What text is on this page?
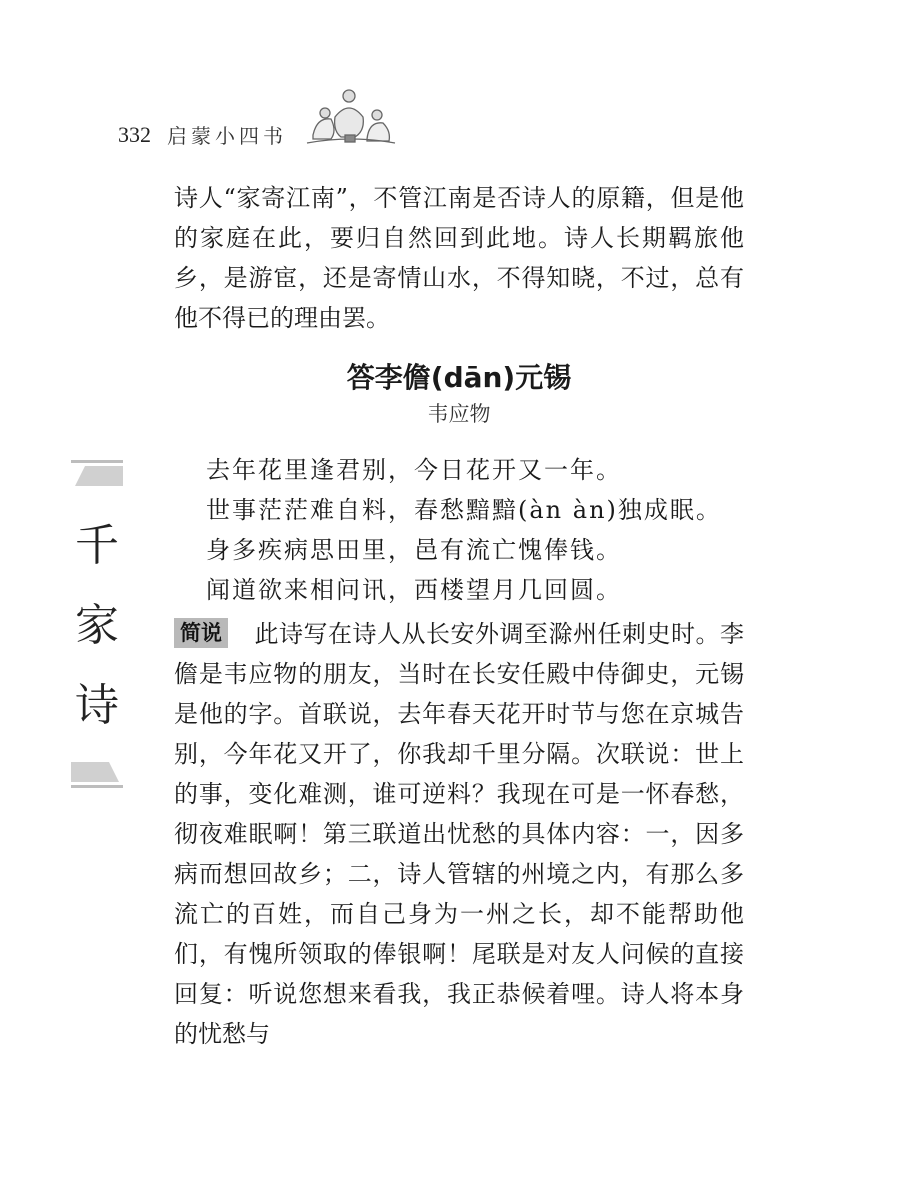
332 启蒙小四书

诗人“家寄江南”，不管江南是否诗人的原籍，但是他的家庭在此，要归自然回到此地。诗人长期羁旅他乡，是游宦，还是寄情山水，不得知晓，不过，总有他不得已的理由罢。

答李儋(dān)元锡
韦应物
去年花里逢君别，今日花开又一年。
世事茫茫难自料，春愁黯黯(àn àn)独成眠。
身多疾病思田里，邑有流亡愧俸钱。
闻道欲来相问讯，西楼望月几回圆。
千
家
诗

简说 此诗写在诗人从长安外调至滁州任刺史时。李儋是韦应物的朋友，当时在长安任殿中侍御史，元锡是他的字。首联说，去年春天花开时节与您在京城告别，今年花又开了，你我却千里分隔。次联说：世上的事，变化难测，谁可逆料？我现在可是一怀春愁，彻夜难眠啊！第三联道出忧愁的具体内容：一，因多病而想回故乡；二，诗人管辖的州境之内，有那么多流亡的百姓，而自己身为一州之长，却不能帮助他们，有愧所领取的俸银啊！尾联是对友人问候的直接回复：听说您想来看我，我正恭候着哩。诗人将本身的忧愁与
